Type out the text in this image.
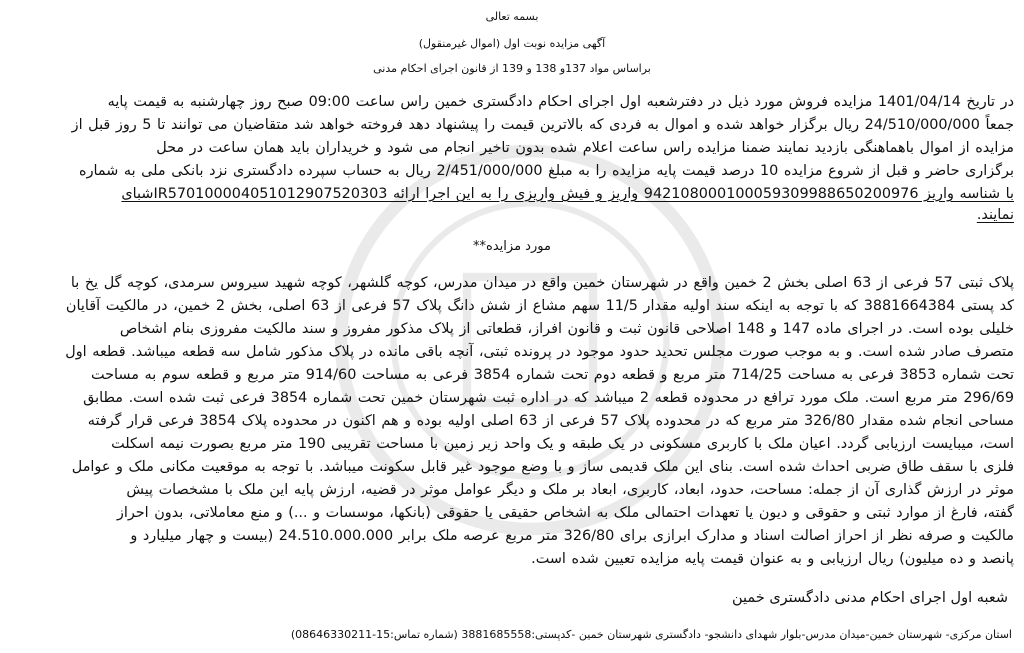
بسمه تعالی
آگهی مزایده نوبت اول (اموال غیرمنقول)
براساس مواد 137و 138 و 139 از قانون اجرای احکام مدنی
در تاریخ 1401/04/14 مزایده فروش مورد ذیل در دفترشعبه اول اجرای احکام دادگستری خمین راس ساعت 09:00 صبح روز چهارشنبه به قیمت پایه
جمعاً 24/510/000/000 ریال برگزار خواهد شده و اموال به فردی که بالاترین قیمت را پیشنهاد دهد فروخته خواهد شد متقاضیان می توانند تا 5 روز قبل از
مزایده از اموال باهماهنگی بازدید نمایند ضمنا مزایده راس ساعت اعلام شده بدون تاخیر انجام می شود و خریداران باید همان ساعت در محل
برگزاری حاضر و قبل از شروع مزایده 10 درصد قیمت پایه مزایده را به مبلغ 2/451/000/000 ریال به حساب سپرده دادگستری نزد بانکی ملی به شماره
با شناسه واریز 942108000100059309988650200976 واریز و فیش واریزی را به این اجرا ارائه IR570100004051012907520303شبای
نمایند.
مورد مزایده**
پلاک ثبتی 57 فرعی از 63 اصلی بخش 2 خمین واقع در شهرستان خمین واقع در میدان مدرس، کوچه گلشهر، کوچه شهید سیروس سرمدی، کوچه گل یخ با
کد پستی 3881664384 که با توجه به اینکه سند اولیه مقدار 11/5 سهم مشاع از شش دانگ پلاک 57 فرعی از 63 اصلی، بخش 2 خمین، در مالکیت آقایان
خلیلی بوده است. در اجرای ماده 147 و 148 اصلاحی قانون ثبت و قانون افراز، قطعاتی از پلاک مذکور مفروز و سند مالکیت مفروزی بنام اشخاص
متصرف صادر شده است. و به موجب صورت مجلس تحدید حدود موجود در پرونده ثبتی، آنچه باقی مانده در پلاک مذکور شامل سه قطعه میباشد. قطعه اول
تحت شماره 3853 فرعی به مساحت 714/25 متر مربع و قطعه دوم تحت شماره 3854 فرعی به مساحت 914/60 متر مربع و قطعه سوم به مساحت
296/69 متر مربع است. ملک مورد ترافع در محدوده قطعه 2 میباشد که در اداره ثبت شهرستان خمین تحت شماره 3854 فرعی ثبت شده است. مطابق
مساحی انجام شده مقدار 326/80 متر مربع که در محدوده پلاک 57 فرعی از 63 اصلی اولیه بوده و هم اکنون در محدوده پلاک 3854 فرعی قرار گرفته
است، میبایست ارزیابی گردد. اعیان ملک با کاربری مسکونی در یک طبقه و یک واحد زیر زمین با مساحت تقریبی 190 متر مربع بصورت نیمه اسکلت
فلزی با سقف طاق ضربی احداث شده است. بنای این ملک قدیمی ساز و با وضع موجود غیر قابل سکونت میباشد. با توجه به موقعیت مکانی ملک و عوامل
موثر در ارزش گذاری آن از جمله: مساحت، حدود، ابعاد، کاربری، ابعاد بر ملک و دیگر عوامل موثر در قضیه، ارزش پایه این ملک با مشخصات پیش
گفته، فارغ از موارد ثبتی و حقوقی و دیون یا تعهدات احتمالی ملک به اشخاص حقیقی یا حقوقی (بانکها، موسسات و ...) و منع معاملاتی، بدون احراز
مالکیت و صرفه نظر از احراز اصالت اسناد و مدارک ابرازی برای 326/80 متر مربع عرصه ملک برابر 24.510.000.000 (بیست و چهار میلیارد و
پانصد و ده میلیون) ریال ارزیابی و به عنوان قیمت پایه مزایده تعیین شده است.
شعبه اول اجرای احکام مدنی دادگستری خمین
استان مرکزی- شهرستان خمین-میدان مدرس-بلوار شهدای دانشجو- دادگستری شهرستان خمین -کدپستی:3881685558 (شماره تماس:15-08646330211)
